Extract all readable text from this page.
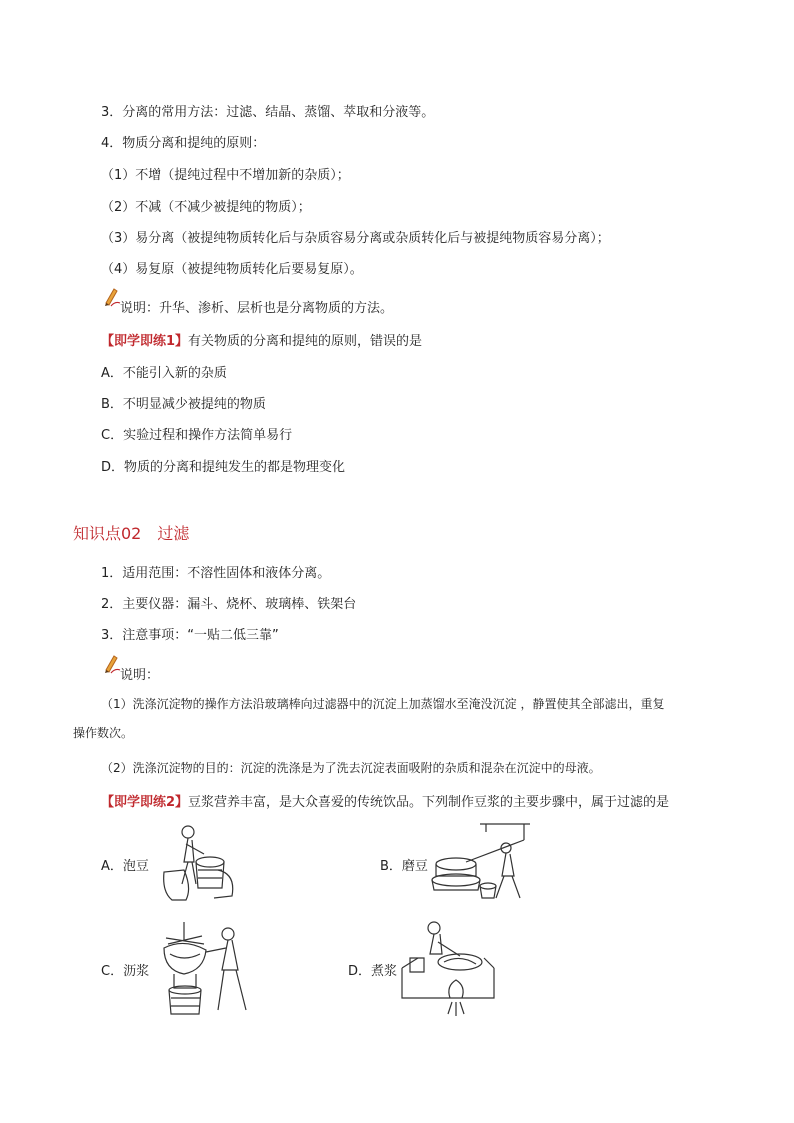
3．分离的常用方法：过滤、结晶、蒸馏、萃取和分液等。
4．物质分离和提纯的原则：
（1）不增（提纯过程中不增加新的杂质）；
（2）不减（不减少被提纯的物质）；
（3）易分离（被提纯物质转化后与杂质容易分离或杂质转化后与被提纯物质容易分离）；
（4）易复原（被提纯物质转化后要易复原）。
说明：升华、渗析、层析也是分离物质的方法。
【即学即练1】有关物质的分离和提纯的原则，错误的是
A．不能引入新的杂质
B．不明显减少被提纯的物质
C．实验过程和操作方法简单易行
D．物质的分离和提纯发生的都是物理变化
知识点02　过滤
1．适用范围：不溶性固体和液体分离。
2．主要仪器：漏斗、烧杯、玻璃棒、铁架台
3．注意事项：“一贴二低三靠”
说明：
（1）洗涤沉淀物的操作方法沿玻璃棒向过滤器中的沉淀上加蒸馏水至淹没沉淀 ，静置使其全部滤出，重复
操作数次。
（2）洗涤沉淀物的目的：沉淀的洗涤是为了洗去沉淀表面吸附的杂质和混杂在沉淀中的母液。
【即学即练2】豆浆营养丰富，是大众喜爱的传统饮品。下列制作豆浆的主要步骤中，属于过滤的是
A．泡豆	B．磨豆
C．沥浆	D．煮浆
